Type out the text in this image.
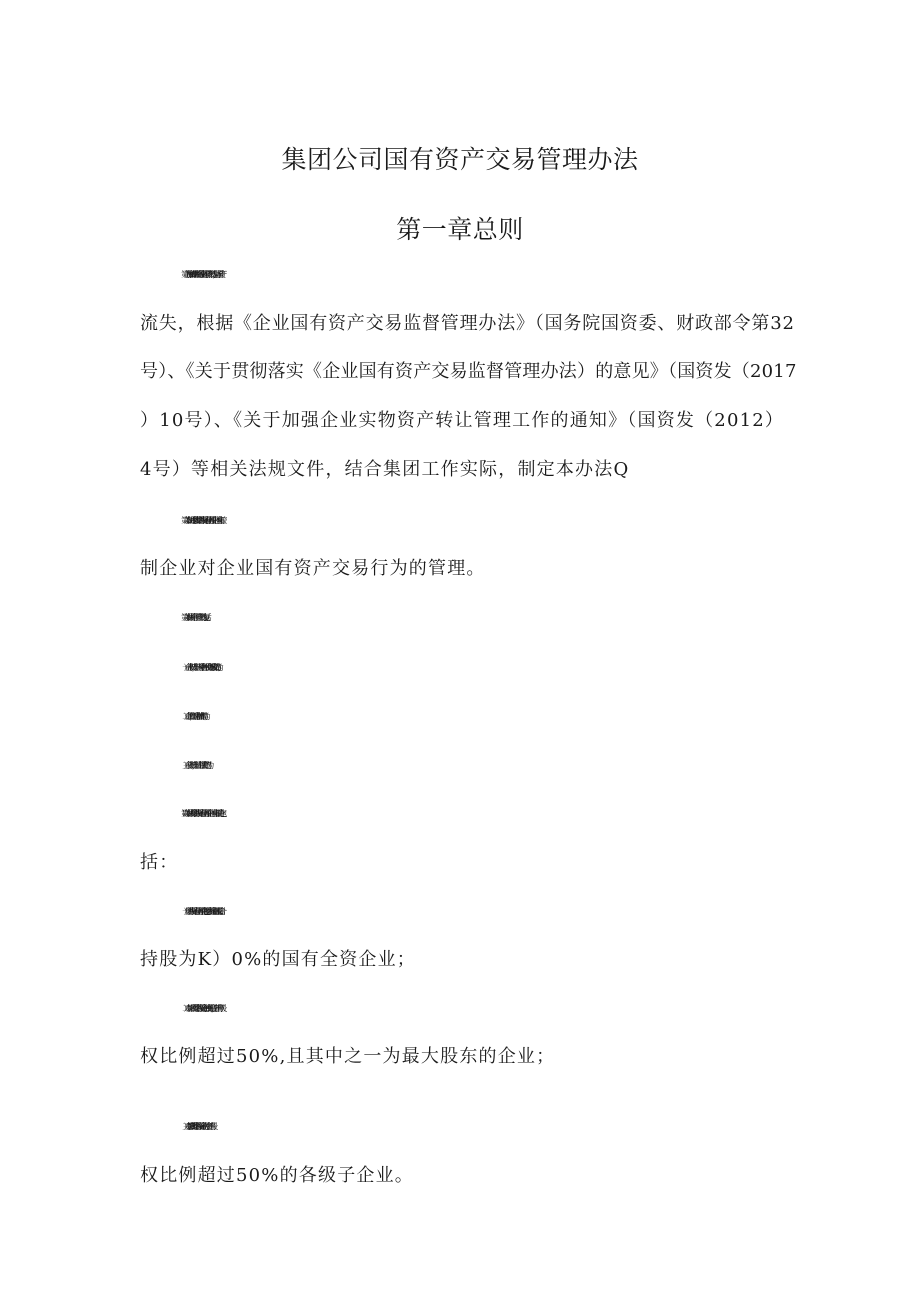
集团公司国有资产交易管理办法
第一章总则

第一条为加强和规范集团所属各级企业的国有资产交易行为，防止国有资产

流失，根据《企业国有资产交易监督管理办法》（国务院国资委、财政部令第32

号）、《关于贯彻落实《企业国有资产交易监督管理办法）的意见》（国资发（2017

）10号）、《关于加强企业实物资产转让管理工作的通知》（国资发（2012）

4号）等相关法规文件，结合集团工作实际，制定本办法Q

第二条本办法适用于集团和集团各级所属国有及国有控股企业、国有实际控

制企业对企业国有资产交易行为的管理。

第三条本办法所称企业国有资产交易行为包括：

（一）企业产权转让，即转让对企业各种形式出资所形成权益的行为；

（二）企业增资，即对企业增加资本的行为；

（三）企业资产转让，即转让企业重大资产的行为。

第四条本办法所称集团各级所属国有及国有控股企业、国有实际控制企业包

括：

（一）集团各级所属国有及国有控股企业包括集团所属企业直接或间接合计

持股为K）0%的国有全资企业；

（二）本条第一款所列集团各级所属企业单独或共同出资，合计拥有产（股）

权比例超过50%,且其中之一为最大股东的企业；

（三）本条第（一）、（二）款所列集团各级所属企业对外出资、拥有股

权比例超过50%的各级子企业。
